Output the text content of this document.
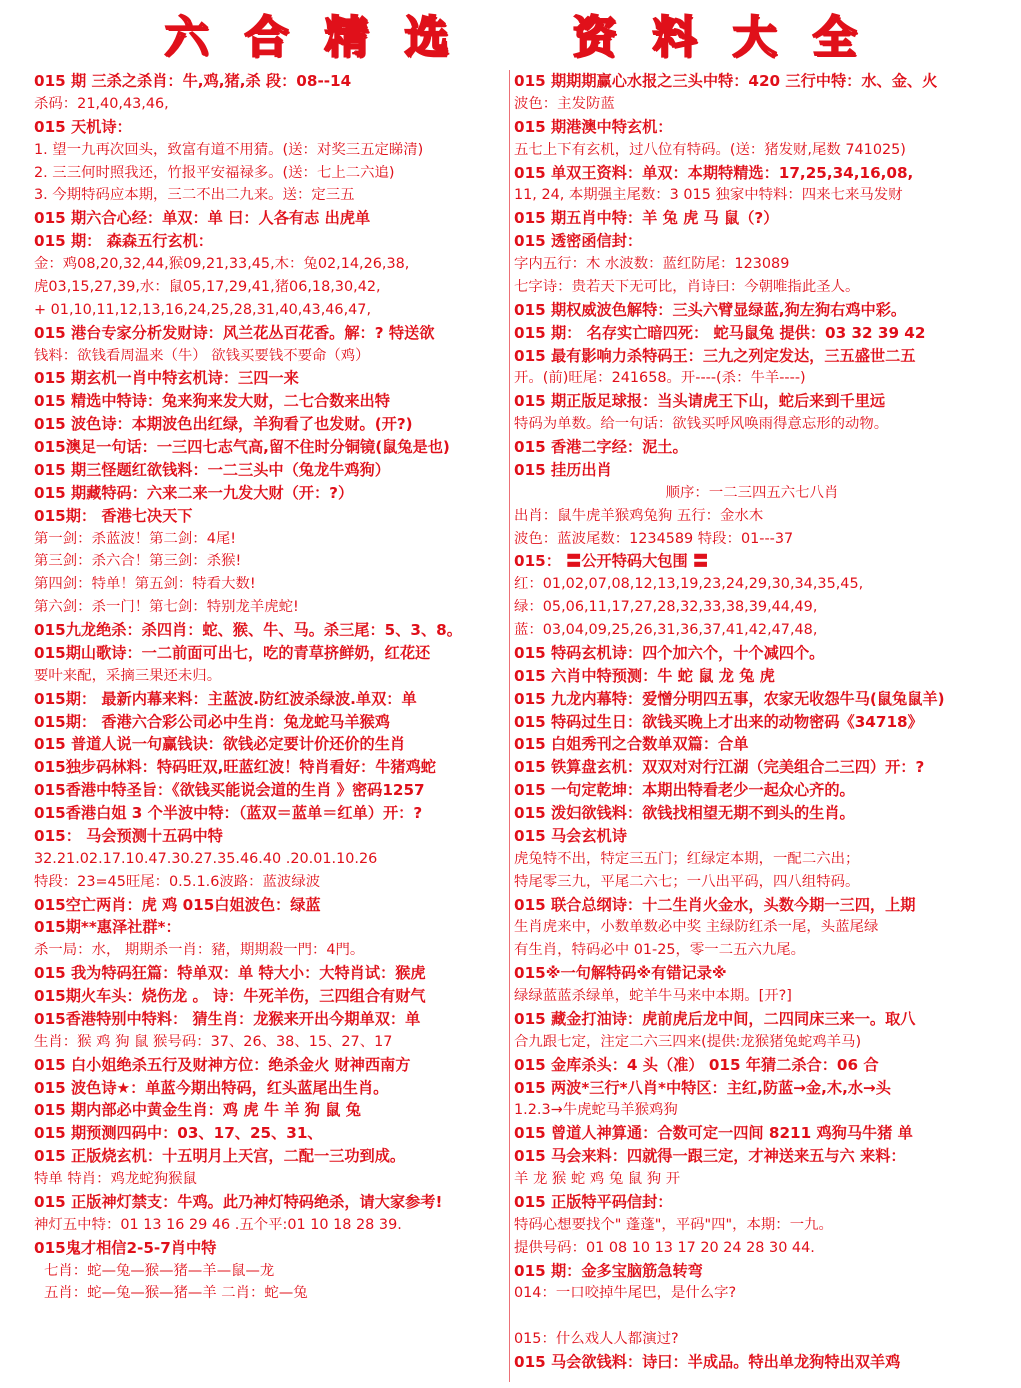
六 合 精 选	资 料 大 全
015 期 三杀之杀肖：牛,鸡,猪,杀 段：08--14
杀码：21,40,43,46,
015 天机诗：
1. 望一九再次回头，致富有道不用猜。(送：对奖三五定睇清)
2. 三三何时照我还，竹报平安福禄多。(送：七上二六追)
3. 今期特码应本期，三二不出二九来。送：定三五
015 期六合心经：单双：单 曰：人各有志 出虎单
015 期： 森森五行玄机：
金：鸡08,20,32,44,猴09,21,33,45,木：兔02,14,26,38,
虎03,15,27,39,水：鼠05,17,29,41,猪06,18,30,42,
+ 01,10,11,12,13,16,24,25,28,31,40,43,46,47,
015 港台专家分析发财诗：风兰花丛百花香。解：? 特送欲
钱料：欲钱看周温来（牛） 欲钱买要钱不要命（鸡）
015 期玄机一肖中特玄机诗：三四一来
015 精选中特诗：兔来狗来发大财，二七合数来出特
015 波色诗：本期波色出红绿，羊狗看了也发财。(开?)
015澳足一句话：一三四七志气高,留不住时分铜镜(鼠兔是也)
015 期三怪题红欲钱料：一二三头中（兔龙牛鸡狗）
015 期藏特码：六来二来一九发大财（开：?）
015期： 香港七决天下
第一剑：杀蓝波！第二剑：4尾!
第三剑：杀六合！第三剑：杀猴!
第四剑：特单！第五剑：特看大数!
第六剑：杀一门！第七剑：特别龙羊虎蛇!
015九龙绝杀：杀四肖：蛇、猴、牛、马。杀三尾：5、3、8。
015期山歌诗：一二前面可出七，吃的青草挤鲜奶，红花还
要叶来配，采摘三果还未归。
015期： 最新内幕来料：主蓝波.防红波杀绿波.单双：单
015期： 香港六合彩公司必中生肖：兔龙蛇马羊猴鸡
015 普道人说一句赢钱诀：欲钱必定要计价还价的生肖
015独步码林料：特码旺双,旺蓝红波！特肖看好：牛猪鸡蛇
015香港中特圣旨：《欲钱买能说会道的生肖 》密码1257
015香港白姐 3 个半波中特：（蓝双＝蓝单＝红单）开：?
015： 马会预测十五码中特
32.21.02.17.10.47.30.27.35.46.40 .20.01.10.26
特段：23=45旺尾：0.5.1.6波路：蓝波绿波
015空亡两肖：虎 鸡 015白姐波色：绿蓝
015期**惠泽社群*：
杀一局：水， 期期杀一肖：豬，期期殺一門：4門。
015 我为特码狂篇：特单双：单 特大小：大特肖试：猴虎
015期火车头：烧伤龙 。 诗：牛死羊伤，三四组合有财气
015香港特别中特料： 猜生肖：龙猴来开出今期单双：单
生肖：猴 鸡 狗 鼠 猴号码：37、26、38、15、27、17
015 白小姐绝杀五行及财神方位：绝杀金火 财神西南方
015 波色诗★：单蓝今期出特码，红头蓝尾出生肖。
015 期内部必中黄金生肖：鸡 虎 牛 羊 狗 鼠 兔
015 期预测四码中：03、17、25、31、
015 正版烧玄机：十五明月上天宫，二配一三功到成。
特单 特肖：鸡龙蛇狗猴鼠
015 正版神灯禁支：牛鸡。此乃神灯特码绝杀，请大家参考!
神灯五中特：01 13 16 29 46 .五个平:01 10 18 28 39.
015鬼才相信2-5-7肖中特
七肖：蛇—兔—猴—猪—羊—鼠—龙
五肖：蛇—兔—猴—猪—羊 二肖：蛇—兔
015 期期期赢心水报之三头中特：420 三行中特：水、金、火
波色：主发防蓝
015 期港澳中特玄机：
五七上下有玄机，过八位有特码。(送：猪发财,尾数 741025)
015 单双王资料：单双：本期特精选：17,25,34,16,08,
11, 24, 本期强主尾数：3 015 独家中特料：四来七来马发财
015 期五肖中特：羊 兔 虎 马 鼠（?）
015 透密函信封：
字内五行：木 水波数：蓝红防尾：123089
七字诗：贵若天下无可比，肖诗曰：今朝唯指此圣人。
015 期权威波色解特：三头六臂显绿蓝,狗左狗右鸡中彩。
015 期： 名存实亡暗四死： 蛇马鼠兔 提供：03 32 39 42
015 最有影响力杀特码王：三九之列定发达，三五盛世二五
开。(前)旺尾：241658。开----(杀：牛羊----)
015 期正版足球报：当头请虎王下山，蛇后来到千里远
特码为单数。给一句话：欲钱买呼风唤雨得意忘形的动物。
015 香港二字经：泥土。
015 挂历出肖
顺序：一二三四五六七八肖
出肖：鼠牛虎羊猴鸡兔狗 五行：金水木
波色：蓝波尾数：1234589 特段：01---37
015： 〓公开特码大包围 〓
红：01,02,07,08,12,13,19,23,24,29,30,34,35,45,
绿：05,06,11,17,27,28,32,33,38,39,44,49,
蓝：03,04,09,25,26,31,36,37,41,42,47,48,
015 特码玄机诗：四个加六个，十个减四个。
015 六肖中特预测：牛 蛇 鼠 龙 兔 虎
015 九龙内幕特：爱憎分明四五事，农家无收怨牛马(鼠兔鼠羊)
015 特码过生日：欲钱买晚上才出来的动物密码《34718》
015 白姐秀刊之合数单双篇：合单
015 铁算盘玄机：双双对对行江湖（完美组合二三四）开：?
015 一句定乾坤：本期出特看老少一起众心齐的。
015 泼妇欲钱料：欲钱找相望无期不到头的生肖。
015 马会玄机诗
虎兔特不出，特定三五门；红绿定本期，一配二六出；
特尾零三九，平尾二六七；一八出平码，四八组特码。
015 联合总纲诗：十二生肖火金水，头数今期一三四，上期
生肖虎来中，小数单数必中奖 主绿防红杀一尾，头蓝尾绿
有生肖，特码必中 01-25，零一二五六九尾。
015※一句解特码※有错记录※
绿绿蓝蓝杀绿单，蛇羊牛马来中本期。[开?]
015 藏金打油诗：虎前虎后龙中间，二四同床三来一。取八
合九跟七定，注定二六三四来(提供:龙猴猪兔蛇鸡羊马)
015 金库杀头：4 头（准） 015 年猜二杀合：06 合
015 两波*三行*八肖*中特区：主红,防蓝→金,木,水→头
1.2.3→牛虎蛇马羊猴鸡狗
015 曾道人神算通：合数可定一四间 8211 鸡狗马牛猪 单
015 马会来料：四就得一跟三定，才神送来五与六 来料：
羊 龙 猴 蛇 鸡 兔 鼠 狗 开
015 正版特平码信封：
特码心想要找个" 蓬蓬"，平码"四"，本期：一九。
提供号码：01 08 10 13 17 20 24 28 30 44.
015 期：金多宝脑筋急转弯
014：一口咬掉牛尾巴，是什么字?
015：什么戏人人都演过?
015 马会欲钱料：诗曰：半成品。特出单龙狗特出双羊鸡
